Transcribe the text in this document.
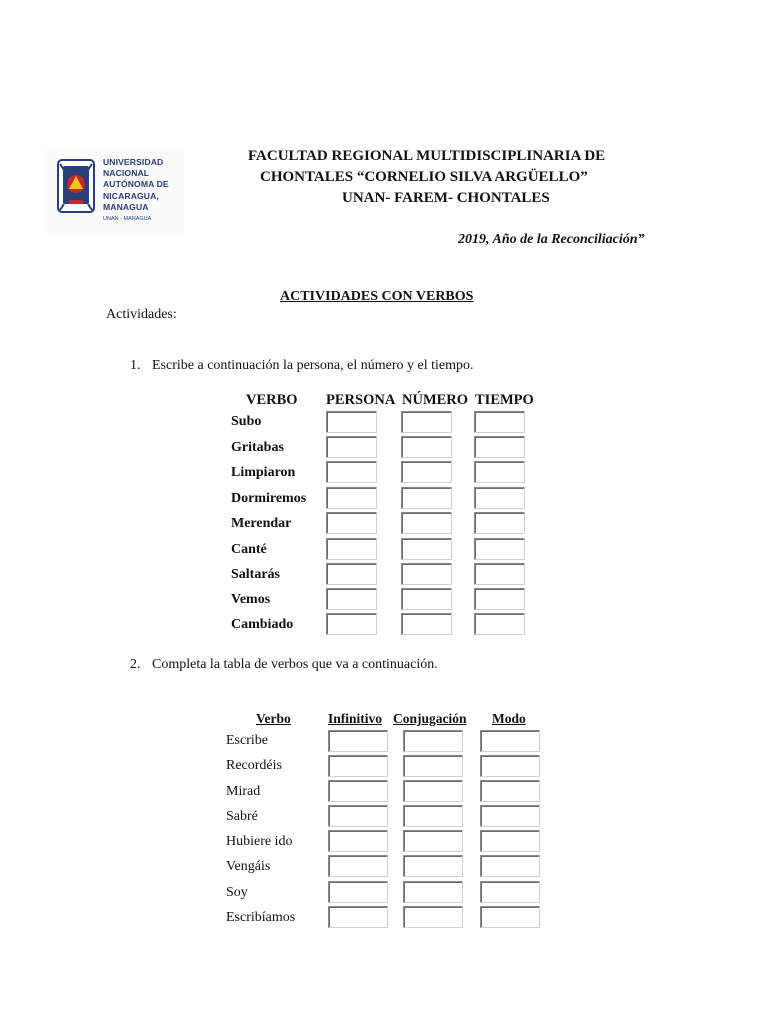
UNIVERSIDAD
NACIONAL
AUTÓNOMA DE
NICARAGUA,
MANAGUA
UNAN - MANAGUA
FACULTAD REGIONAL MULTIDISCIPLINARIA DE
CHONTALES “CORNELIO SILVA ARGÜELLO”
UNAN- FAREM- CHONTALES
2019, Año de la Reconciliación”
ACTIVIDADES CON VERBOS
Actividades:
1. Escribe a continuación la persona, el número y el tiempo.
VERBO PERSONA NÚMERO TIEMPO
Subo
Gritabas
Limpiaron
Dormiremos
Merendar
Canté
Saltarás
Vemos
Cambiado
2. Completa la tabla de verbos que va a continuación.
Verbo	Infinitivo Conjugación Modo
Escribe
Recordéis
Mirad
Sabré
Hubiere ido
Vengáis
Soy
Escribíamos
